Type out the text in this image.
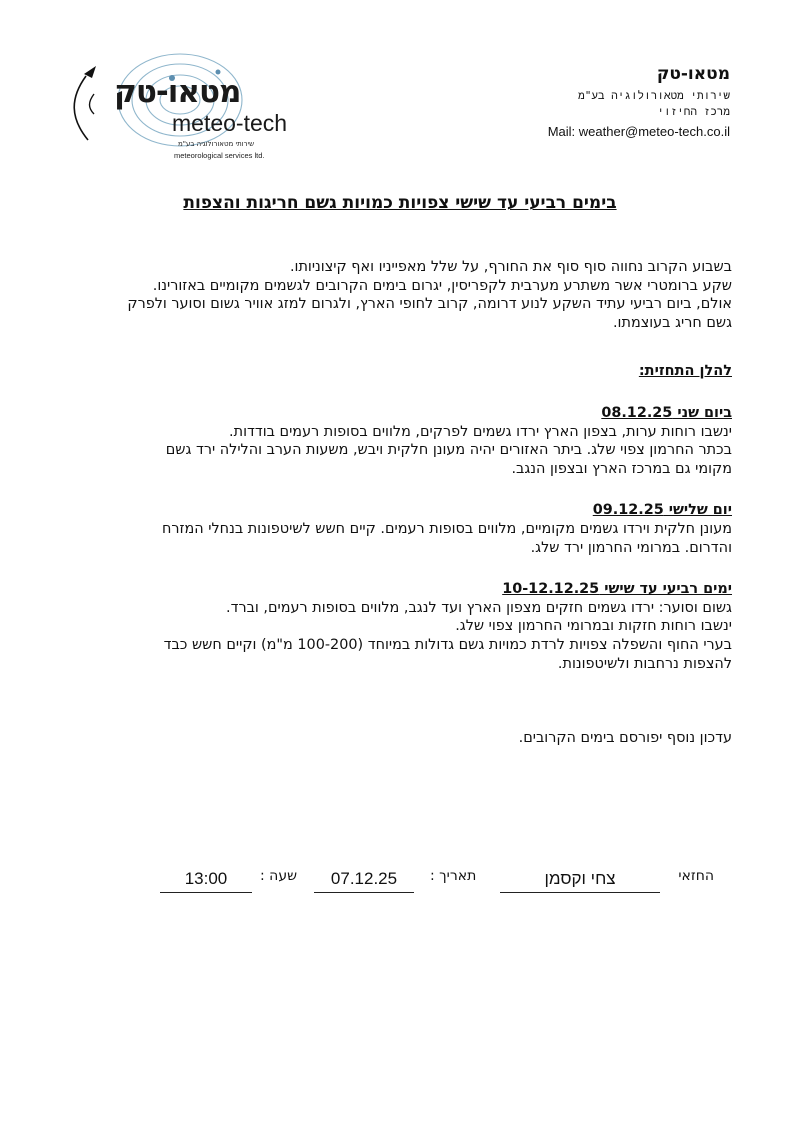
מטאו-טק
meteo-tech
שירותי מטאורולוגיה בע"מ
meteorological services ltd.
מטאו-טק
שירותי מטאורולוגיה בע"מ
מרכז החיזוי
Mail: weather@meteo-tech.co.il
בימים רביעי עד שישי צפויות כמויות גשם חריגות והצפות

בשבוע הקרוב נחווה סוף סוף את החורף, על שלל מאפייניו ואף קיצוניותו.

שקע ברומטרי אשר משתרע מערבית לקפריסין, יגרום בימים הקרובים לגשמים מקומיים באזורינו.

אולם, ביום רביעי עתיד השקע לנוע דרומה, קרוב לחופי הארץ, ולגרום למזג אוויר גשום וסוער ולפרק

גשם חריג בעוצמתו.

להלן התחזית:
ביום שני 08.12.25

ינשבו רוחות ערות, בצפון הארץ ירדו גשמים לפרקים, מלווים בסופות רעמים בודדות.

בכתר החרמון צפוי שלג. ביתר האזורים יהיה מעונן חלקית ויבש, משעות הערב והלילה ירד גשם

מקומי גם במרכז הארץ ובצפון הנגב.

יום שלישי 09.12.25

מעונן חלקית וירדו גשמים מקומיים, מלווים בסופות רעמים. קיים חשש לשיטפונות בנחלי המזרח

והדרום. במרומי החרמון ירד שלג.

ימים רביעי עד שישי 10-12.12.25

גשום וסוער: ירדו גשמים חזקים מצפון הארץ ועד לנגב, מלווים בסופות רעמים, וברד.

ינשבו רוחות חזקות ובמרומי החרמון צפוי שלג.

בערי החוף והשפלה צפויות לרדת כמויות גשם גדולות במיוחד (100-200 מ"מ) וקיים חשש כבד

להצפות נרחבות ולשיטפונות.

עדכון נוסף יפורסם בימים הקרובים.
החזאי
צחי וקסמן
תאריך :
07.12.25
שעה :
13:00
